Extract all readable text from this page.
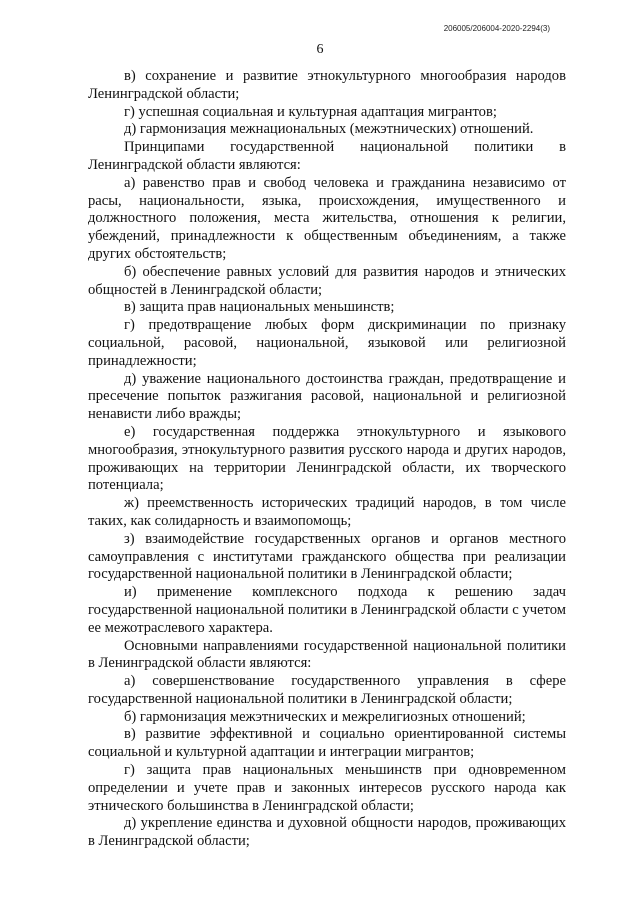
206005/206004-2020-2294(3)
6

в) сохранение и развитие этнокультурного многообразия народов Ленинградской области;

г) успешная социальная и культурная адаптация мигрантов;

д) гармонизация межнациональных (межэтнических) отношений.

Принципами государственной национальной политики в Ленинградской области являются:

а) равенство прав и свобод человека и гражданина независимо от расы, национальности, языка, происхождения, имущественного и должностного положения, места жительства, отношения к религии, убеждений, принадлежности к общественным объединениям, а также других обстоятельств;

б) обеспечение равных условий для развития народов и этнических общностей в Ленинградской области;

в) защита прав национальных меньшинств;

г) предотвращение любых форм дискриминации по признаку социальной, расовой, национальной, языковой или религиозной принадлежности;

д) уважение национального достоинства граждан, предотвращение и пресечение попыток разжигания расовой, национальной и религиозной ненависти либо вражды;

е) государственная поддержка этнокультурного и языкового многообразия, этнокультурного развития русского народа и других народов, проживающих на территории Ленинградской области, их творческого потенциала;

ж) преемственность исторических традиций народов, в том числе таких, как солидарность и взаимопомощь;

з) взаимодействие государственных органов и органов местного самоуправления с институтами гражданского общества при реализации государственной национальной политики в Ленинградской области;

и) применение комплексного подхода к решению задач государственной национальной политики в Ленинградской области с учетом ее межотраслевого характера.

Основными направлениями государственной национальной политики в Ленинградской области являются:

а) совершенствование государственного управления в сфере государственной национальной политики в Ленинградской области;

б) гармонизация межэтнических и межрелигиозных отношений;

в) развитие эффективной и социально ориентированной системы социальной и культурной адаптации и интеграции мигрантов;

г) защита прав национальных меньшинств при одновременном определении и учете прав и законных интересов русского народа как этнического большинства в Ленинградской области;

д) укрепление единства и духовной общности народов, проживающих в Ленинградской области;
